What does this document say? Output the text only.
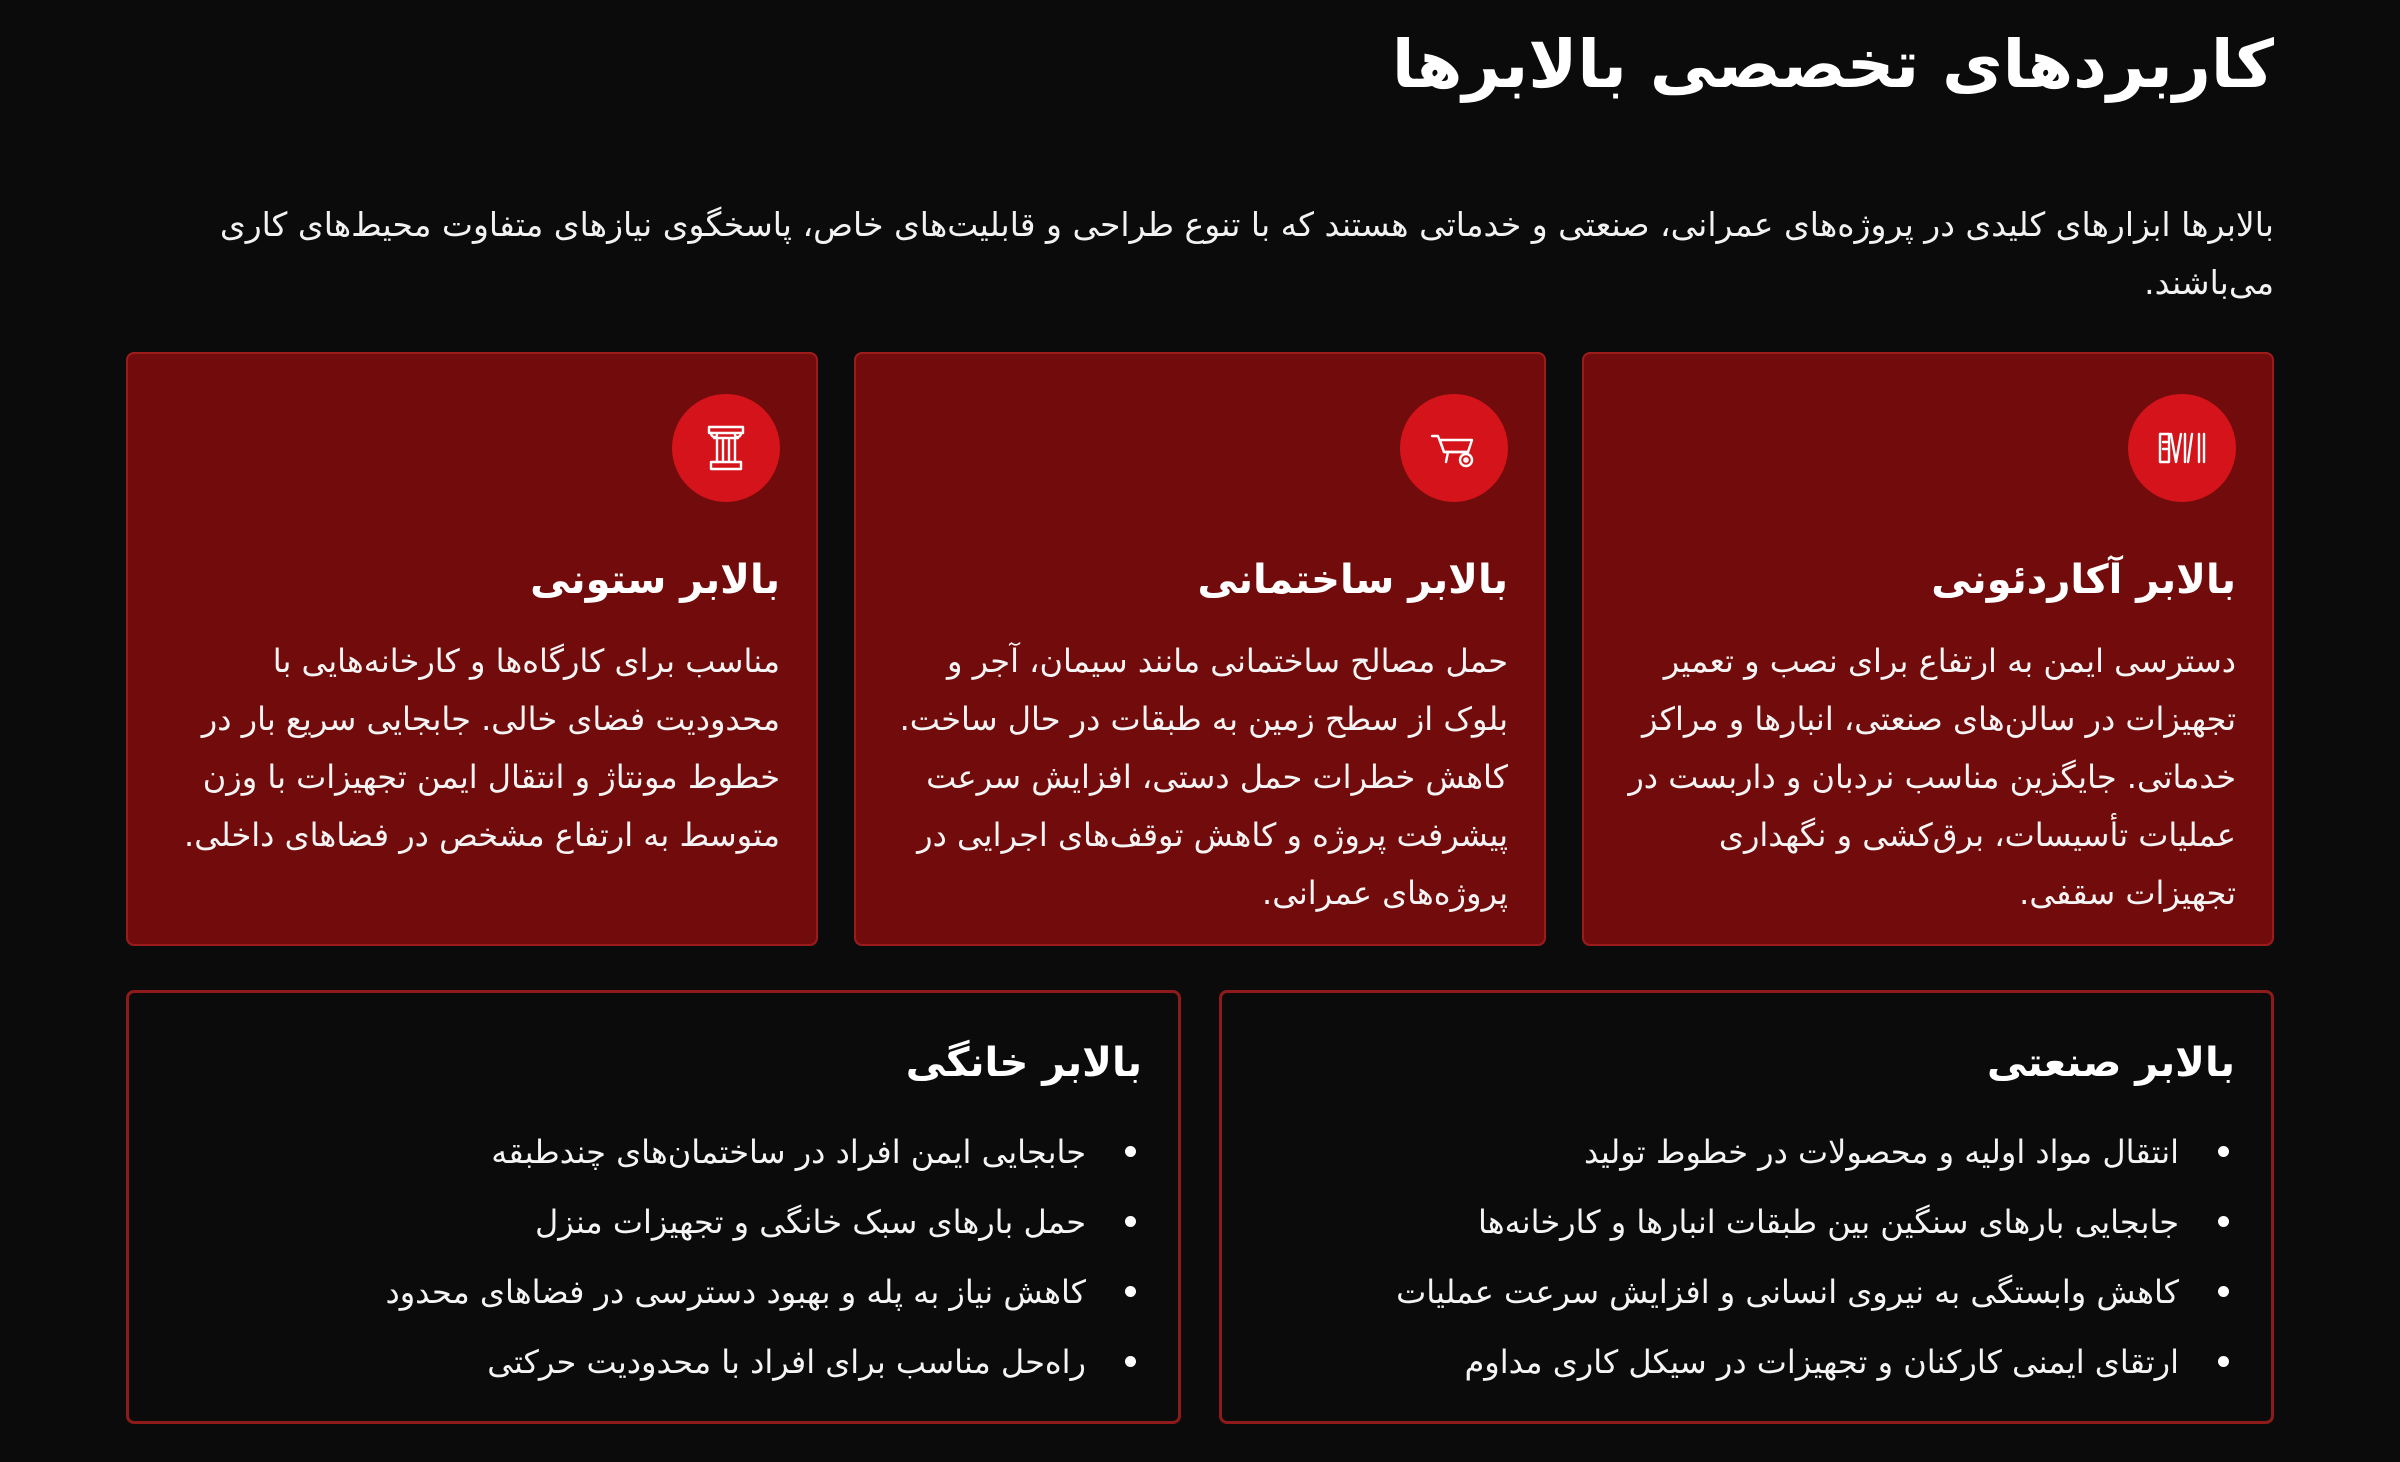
کاربردهای تخصصی بالابرها

بالابرها ابزارهای کلیدی در پروژه‌های عمرانی، صنعتی و خدماتی هستند که با تنوع طراحی و قابلیت‌های خاص، پاسخگوی نیازهای متفاوت محیط‌های کاری می‌باشند.

بالابر آکاردئونی
دسترسی ایمن به ارتفاع برای نصب و تعمیر تجهیزات در سالن‌های صنعتی، انبارها و مراکز خدماتی. جایگزین مناسب نردبان و داربست در عملیات تأسیسات، برق‌کشی و نگهداری تجهیزات سقفی.
بالابر ساختمانی
حمل مصالح ساختمانی مانند سیمان، آجر و بلوک از سطح زمین به طبقات در حال ساخت. کاهش خطرات حمل دستی، افزایش سرعت پیشرفت پروژه و کاهش توقف‌های اجرایی در پروژه‌های عمرانی.
بالابر ستونی
مناسب برای کارگاه‌ها و کارخانه‌هایی با محدودیت فضای خالی. جابجایی سریع بار در خطوط مونتاژ و انتقال ایمن تجهیزات با وزن متوسط به ارتفاع مشخص در فضاهای داخلی.
بالابر صنعتی
انتقال مواد اولیه و محصولات در خطوط تولید
جابجایی بارهای سنگین بین طبقات انبارها و کارخانه‌ها
کاهش وابستگی به نیروی انسانی و افزایش سرعت عملیات
ارتقای ایمنی کارکنان و تجهیزات در سیکل کاری مداوم
بالابر خانگی
جابجایی ایمن افراد در ساختمان‌های چندطبقه
حمل بارهای سبک خانگی و تجهیزات منزل
کاهش نیاز به پله و بهبود دسترسی در فضاهای محدود
راه‌حل مناسب برای افراد با محدودیت حرکتی
